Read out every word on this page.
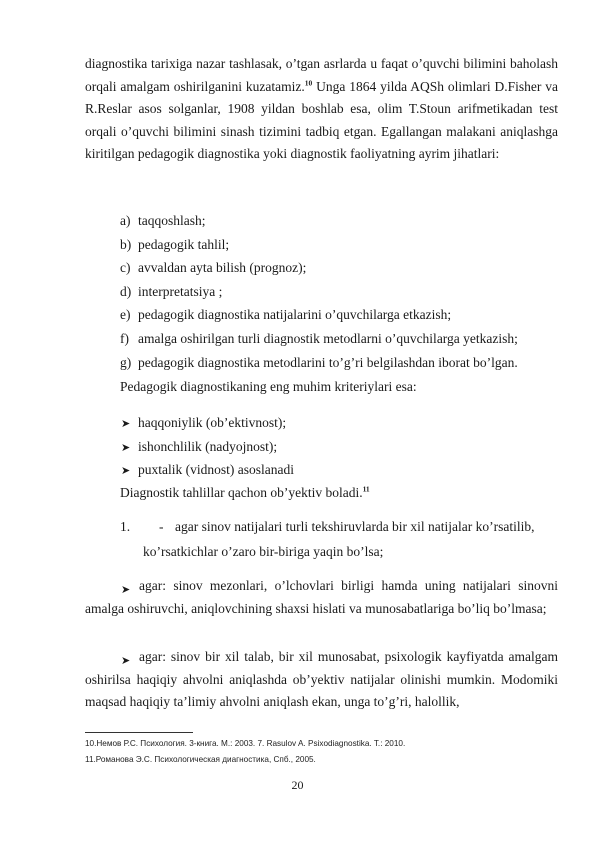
diagnostika tarixiga nazar tashlasak, o’tgan asrlarda u faqat o’quvchi bilimini baholash orqali amalgam oshirilganini kuzatamiz.$^{10}$ Unga 1864 yilda AQSh olimlari D.Fisher va R.Reslar asos solganlar, 1908 yildan boshlab esa, olim T.Stoun arifmetikadan test orqali o’quvchi bilimini sinash tizimini tadbiq etgan. Egallangan malakani aniqlashga kiritilgan pedagogik diagnostika yoki diagnostik faoliyatning ayrim jihatlari:

a) taqqoshlash;
b) pedagogik tahlil;
c) avvaldan ayta bilish (prognoz);
d) interpretatsiya ;
e) pedagogik diagnostika natijalarini o’quvchilarga etkazish;
f) amalga oshirilgan turli diagnostik metodlarni o’quvchilarga yetkazish;
g) pedagogik diagnostika metodlarini to’g’ri belgilashdan iborat bo’lgan.
Pedagogik diagnostikaning eng muhim kriteriylari esa:
➤ haqqoniylik (ob’ektivnost);
➤ ishonchlilik (nadyojnost);
➤ puxtalik (vidnost) asoslanadi
Diagnostik tahlillar qachon ob’yektiv boladi.$^{11}$
1. - agar sinov natijalari turli tekshiruvlarda bir xil natijalar ko’rsatilib,
ko’rsatkichlar o’zaro bir-biriga yaqin bo’lsa;
➤ agar: sinov mezonlari, o’lchovlari birligi hamda uning natijalari sinovni amalga oshiruvchi, aniqlovchining shaxsi hislati va munosabatlariga bo’liq bo’lmasa;

➤ agar: sinov bir xil talab, bir xil munosabat, psixologik kayfiyatda amalgam oshirilsa haqiqiy ahvolni aniqlashda ob’yektiv natijalar olinishi mumkin. Modomiki maqsad haqiqiy ta’limiy ahvolni aniqlash ekan, unga to’g’ri, halollik,

10.Немов Р.С. Психология. 3-книга. М.: 2003. 7. Rasulov A. Psixodiagnostika. T.: 2010.
11.Романова Э.С. Психологическая диагностика, Спб., 2005.
20
